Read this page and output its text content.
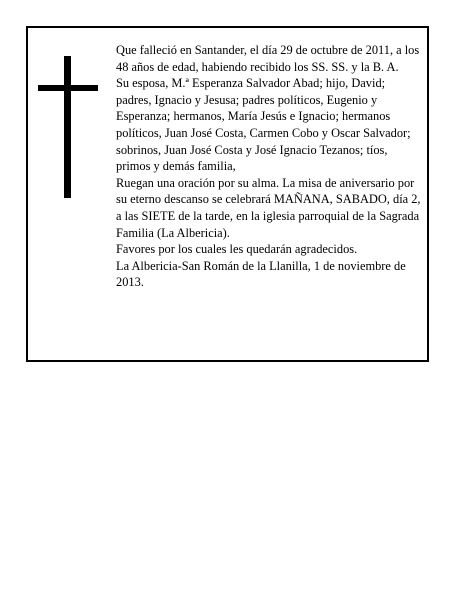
Que falleció en Santander, el día 29 de octubre de 2011, a los 48 años de edad, habiendo recibido los SS. SS. y la B. A.

Su esposa, M.ª Esperanza Salvador Abad; hijo, David; padres, Ignacio y Jesusa; padres políticos, Eugenio y Esperanza; hermanos, María Jesús e Ignacio; hermanos políticos, Juan José Costa, Carmen Cobo y Oscar Salvador; sobrinos, Juan José Costa y José Ignacio Tezanos; tíos, primos y demás familia,

Ruegan una oración por su alma. La misa de aniversario por su eterno descanso se celebrará MAÑANA, SABADO, día 2, a las SIETE de la tarde, en la iglesia parroquial de la Sagrada Familia (La Albericia).

Favores por los cuales les quedarán agradecidos.

La Albericia-San Román de la Llanilla, 1 de noviembre de 2013.
